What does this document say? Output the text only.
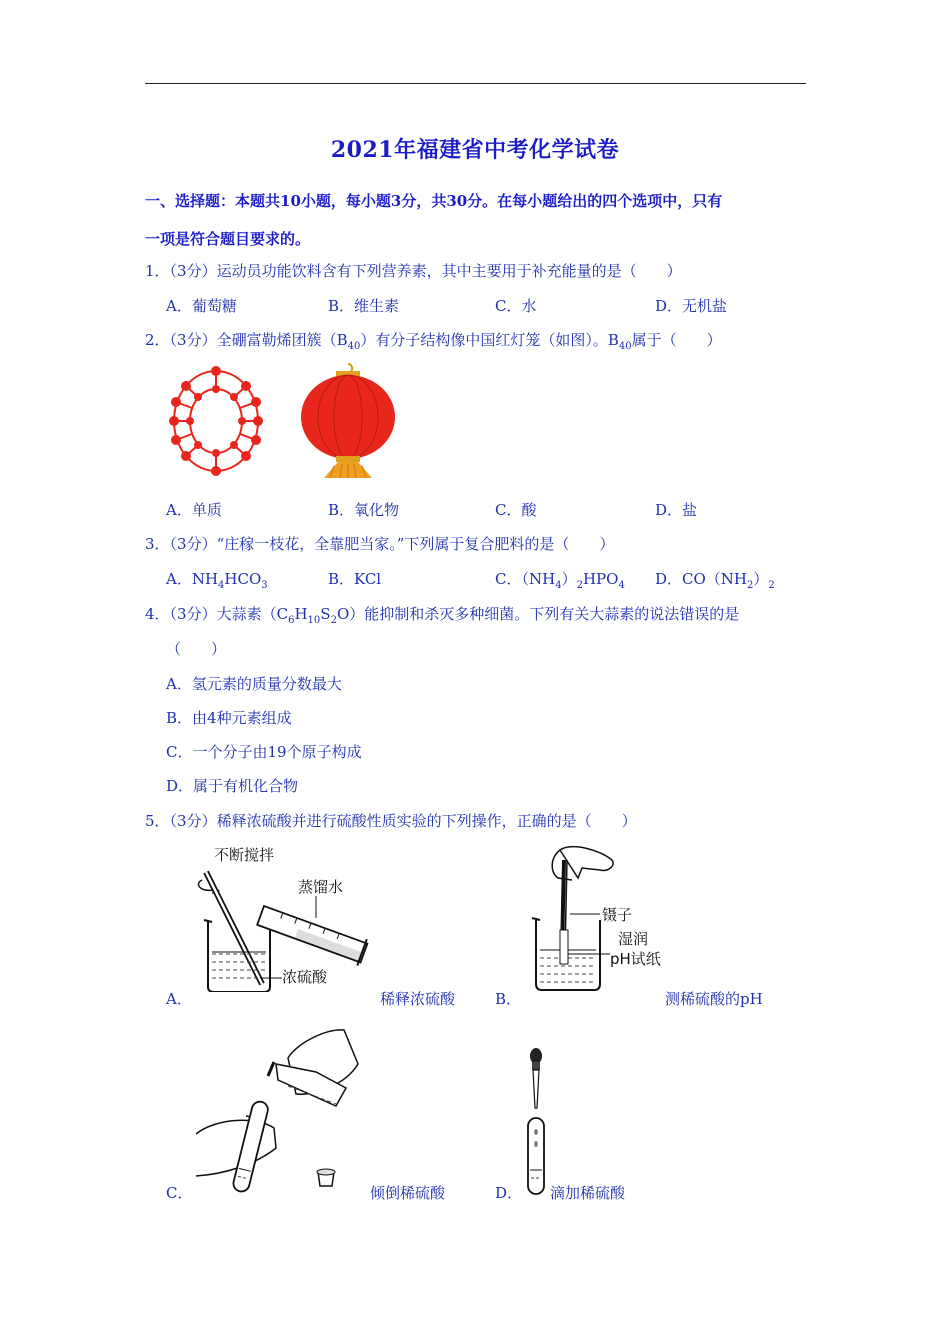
2021年福建省中考化学试卷
一、选择题：本题共10小题，每小题3分，共30分。在每小题给出的四个选项中，只有
一项是符合题目要求的。
1．（3分）运动员功能饮料含有下列营养素，其中主要用于补充能量的是（　　）
A．葡萄糖	B．维生素	C．水	D．无机盐
2．（3分）全硼富勒烯团簇$(B_{40})$有分子结构像中国红灯笼（如图）。$B_{40}$属于（　　）
A．单质	B．氧化物	C．酸	D．盐
3．（3分）“庄稼一枝花，全靠肥当家。”下列属于复合肥料的是（　　）
A．$NH_4HCO_3$	B．KCl	C．$(NH_4)_2HPO_4$ D．$CO(NH_2)_2$
4．（3分）大蒜素$(C_6H_{10}S_2O)$能抑制和杀灭多种细菌。下列有关大蒜素的说法错误的是
（　　）
A．氢元素的质量分数最大
B．由4种元素组成
C．一个分子由19个原子构成
D．属于有机化合物
5．（3分）稀释浓硫酸并进行硫酸性质实验的下列操作，正确的是（　　）
不断搅拌
蒸馏水
浓硫酸
A．	稀释浓硫酸
镊子
湿润
pH试纸
B．	测稀硫酸的pH
C．	倾倒稀硫酸	D． 滴加稀硫酸
